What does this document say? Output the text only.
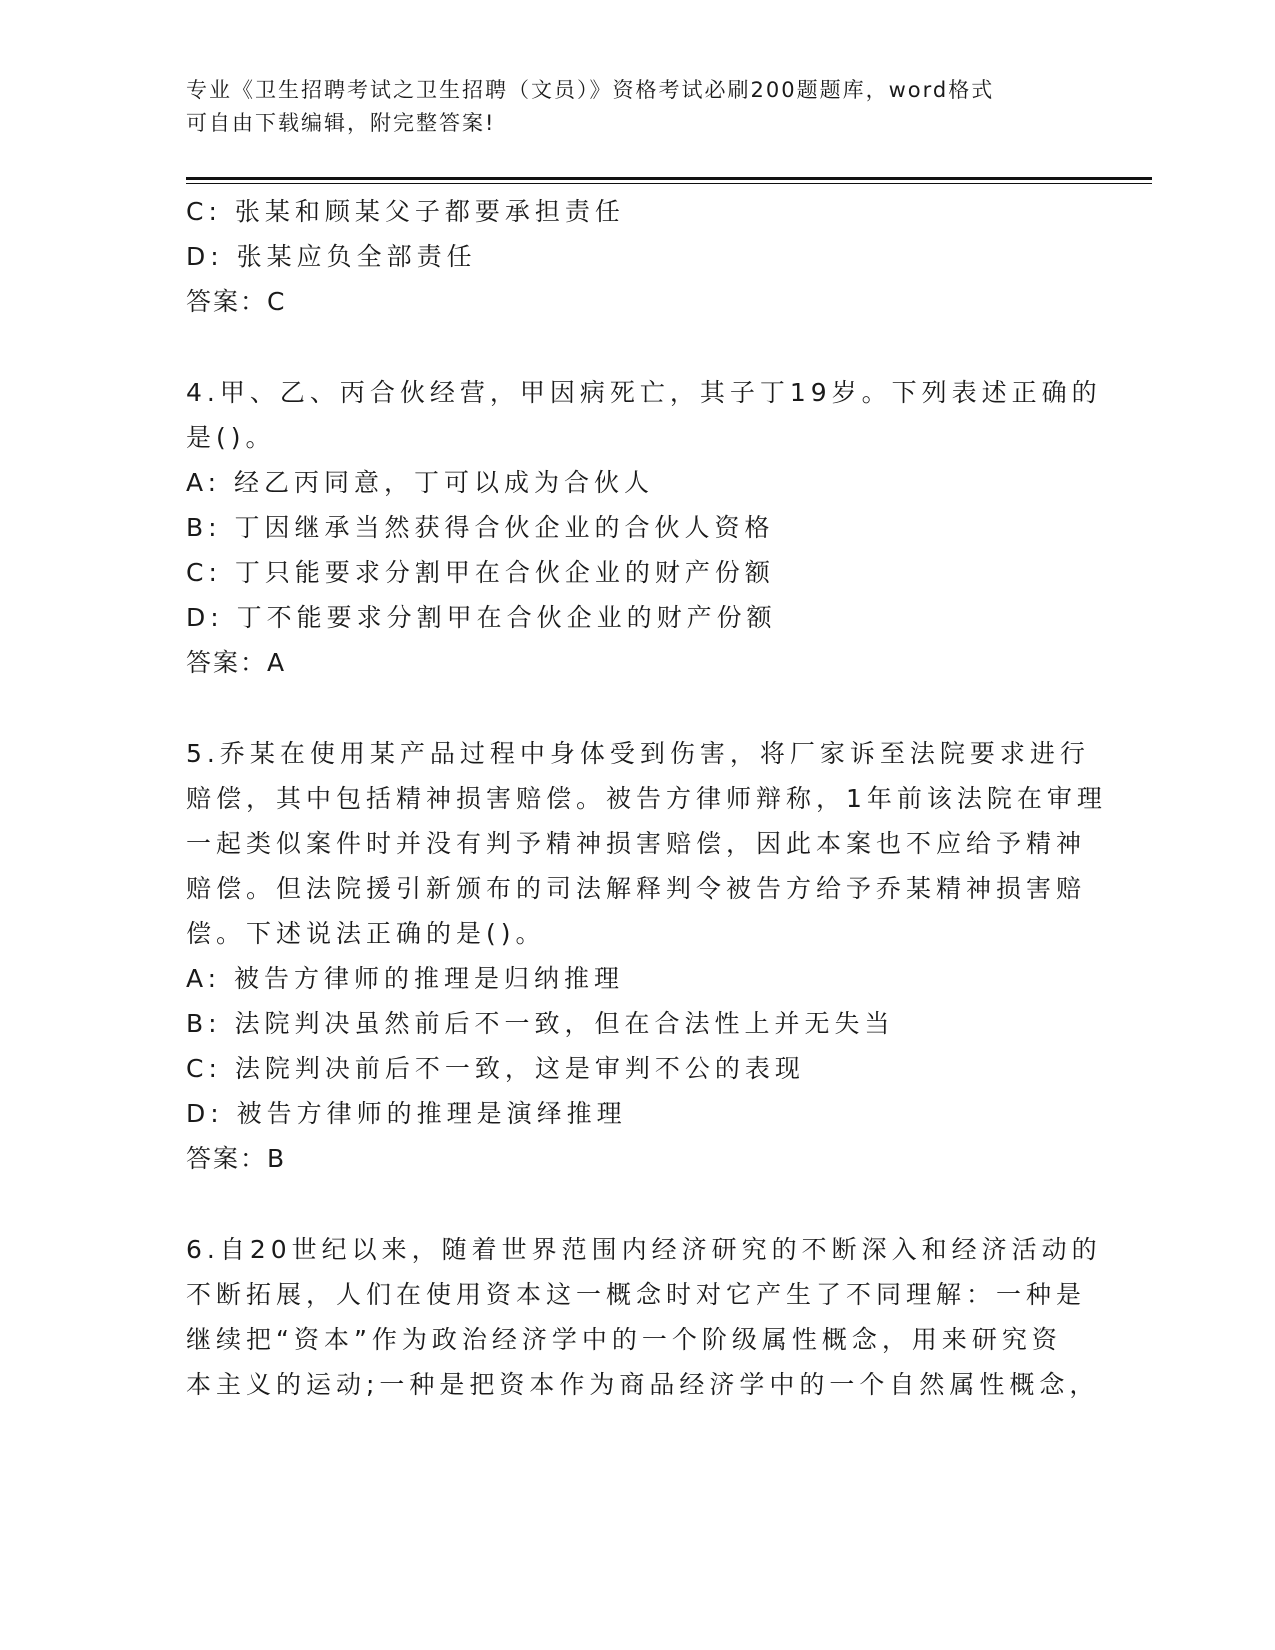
专业《卫生招聘考试之卫生招聘（文员）》资格考试必刷200题题库，word格式
可自由下载编辑，附完整答案!

C: 张某和顾某父子都要承担责任

D: 张某应负全部责任

答案：C

4.甲、乙、丙合伙经营，甲因病死亡，其子丁19岁。下列表述正确的

是()。

A: 经乙丙同意，丁可以成为合伙人

B: 丁因继承当然获得合伙企业的合伙人资格

C: 丁只能要求分割甲在合伙企业的财产份额

D: 丁不能要求分割甲在合伙企业的财产份额

答案：A

5.乔某在使用某产品过程中身体受到伤害，将厂家诉至法院要求进行

赔偿，其中包括精神损害赔偿。被告方律师辩称，1年前该法院在审理

一起类似案件时并没有判予精神损害赔偿，因此本案也不应给予精神

赔偿。但法院援引新颁布的司法解释判令被告方给予乔某精神损害赔

偿。下述说法正确的是()。

A: 被告方律师的推理是归纳推理

B: 法院判决虽然前后不一致，但在合法性上并无失当

C: 法院判决前后不一致，这是审判不公的表现

D: 被告方律师的推理是演绎推理

答案：B

6.自20世纪以来，随着世界范围内经济研究的不断深入和经济活动的

不断拓展，人们在使用资本这一概念时对它产生了不同理解：一种是

继续把“资本”作为政治经济学中的一个阶级属性概念，用来研究资

本主义的运动;一种是把资本作为商品经济学中的一个自然属性概念，
